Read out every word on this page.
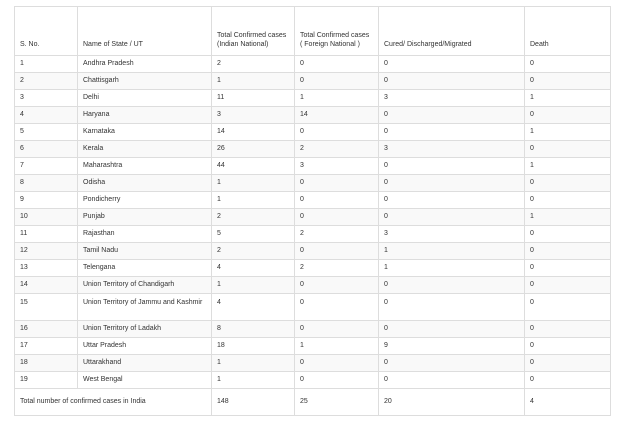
S. No.	Name of State / UT	Total Confirmed cases (Indian National)	Total Confirmed cases ( Foreign National )	Cured/ Discharged/Migrated	Death
1	Andhra Pradesh	2	0	0	0
2	Chattisgarh	1	0	0	0
3	Delhi	11	1	3	1
4	Haryana	3	14	0	0
5	Karnataka	14	0	0	1
6	Kerala	26	2	3	0
7	Maharashtra	44	3	0	1
8	Odisha	1	0	0	0
9	Pondicherry	1	0	0	0
10	Punjab	2	0	0	1
11	Rajasthan	5	2	3	0
12	Tamil Nadu	2	0	1	0
13	Telengana	4	2	1	0
14	Union Territory of Chandigarh	1	0	0	0
15	Union Territory of Jammu and Kashmir	4	0	0	0
16	Union Territory of Ladakh	8	0	0	0
17	Uttar Pradesh	18	1	9	0
18	Uttarakhand	1	0	0	0
19	West Bengal	1	0	0	0
Total number of confirmed cases in India		148	25	20	4
